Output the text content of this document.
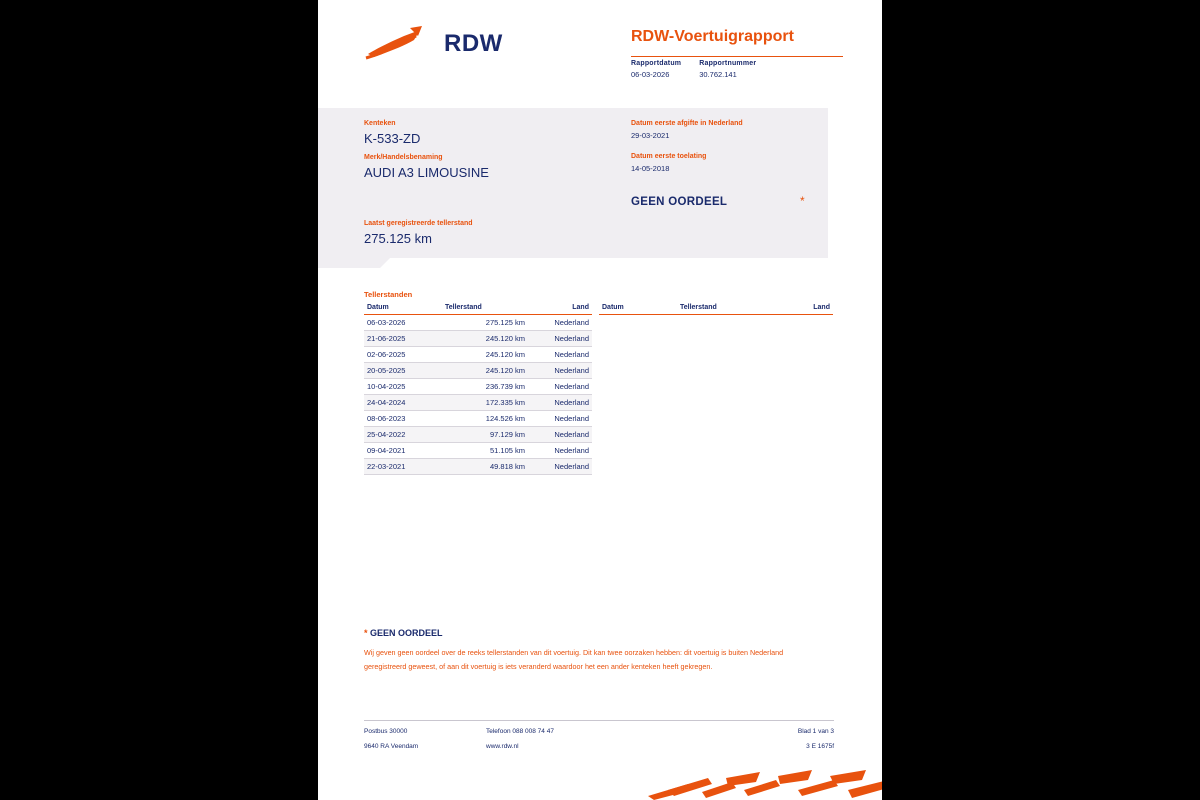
RDW	RDW-Voertuigrapport
Rapportdatum
06-03-2026
Rapportnummer
30.762.141
Kenteken
K-533-ZD
Merk/Handelsbenaming
AUDI A3 LIMOUSINE
Laatst geregistreerde tellerstand
275.125 km
Datum eerste afgifte in Nederland
29-03-2021
Datum eerste toelating
14-05-2018
GEEN OORDEEL	*
Tellerstanden
Datum	Tellerstand	Land
06-03-2026	275.125 km	Nederland
21-06-2025	245.120 km	Nederland
02-06-2025	245.120 km	Nederland
20-05-2025	245.120 km	Nederland
10-04-2025	236.739 km	Nederland
24-04-2024	172.335 km	Nederland
08-06-2023	124.526 km	Nederland
25-04-2022	97.129 km	Nederland
09-04-2021	51.105 km	Nederland
22-03-2021	49.818 km	Nederland
Datum	Tellerstand	Land
* GEEN OORDEEL

Wij geven geen oordeel over de reeks tellerstanden van dit voertuig. Dit kan twee oorzaken hebben: dit voertuig is buiten Nederland geregistreerd geweest, of aan dit voertuig is iets veranderd waardoor het een ander kenteken heeft gekregen.

Postbus 30000	Telefoon 088 008 74 47	Blad 1 van 3
9640 RA Veendam	www.rdw.nl	3 E 1675f
